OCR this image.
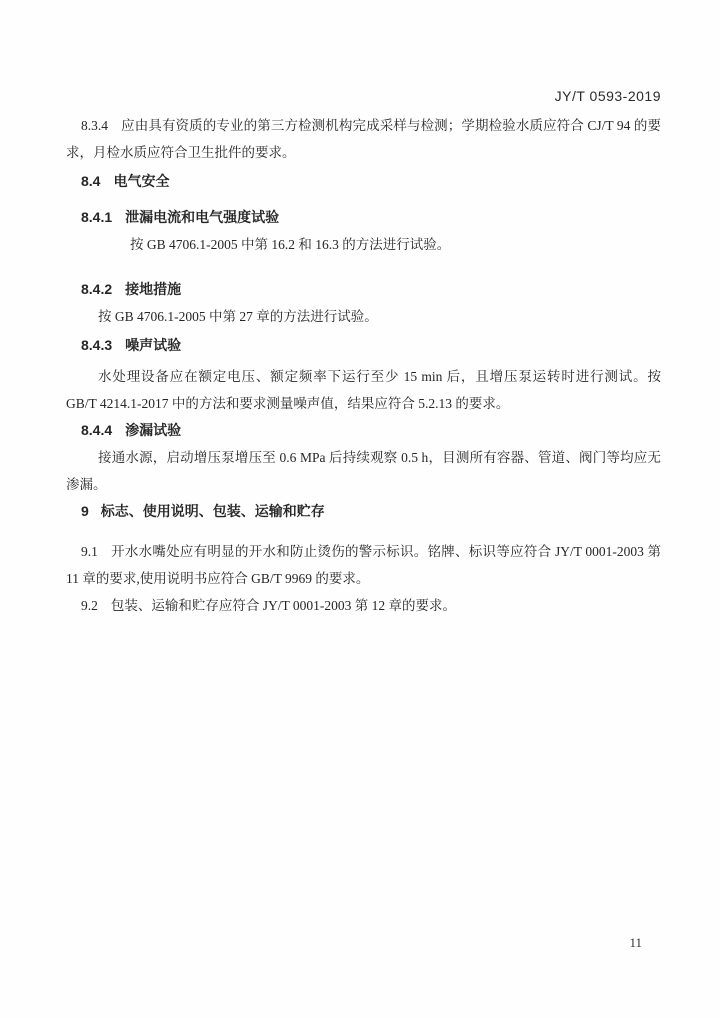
JY/T 0593-2019

8.3.4 应由具有资质的专业的第三方检测机构完成采样与检测；学期检验水质应符合 CJ/T 94 的要求，月检水质应符合卫生批件的要求。

8.4 电气安全

8.4.1 泄漏电流和电气强度试验

按 GB 4706.1-2005 中第 16.2 和 16.3 的方法进行试验。

8.4.2 接地措施

按 GB 4706.1-2005 中第 27 章的方法进行试验。

8.4.3 噪声试验

水处理设备应在额定电压、额定频率下运行至少 15 min 后，且增压泵运转时进行测试。按 GB/T 4214.1-2017 中的方法和要求测量噪声值，结果应符合 5.2.13 的要求。

8.4.4 渗漏试验

接通水源，启动增压泵增压至 0.6 MPa 后持续观察 0.5 h，目测所有容器、管道、阀门等均应无渗漏。

9 标志、使用说明、包装、运输和贮存

9.1 开水水嘴处应有明显的开水和防止烫伤的警示标识。铭牌、标识等应符合 JY/T 0001-2003 第 11 章的要求,使用说明书应符合 GB/T 9969 的要求。

9.2 包装、运输和贮存应符合 JY/T 0001-2003 第 12 章的要求。

11
